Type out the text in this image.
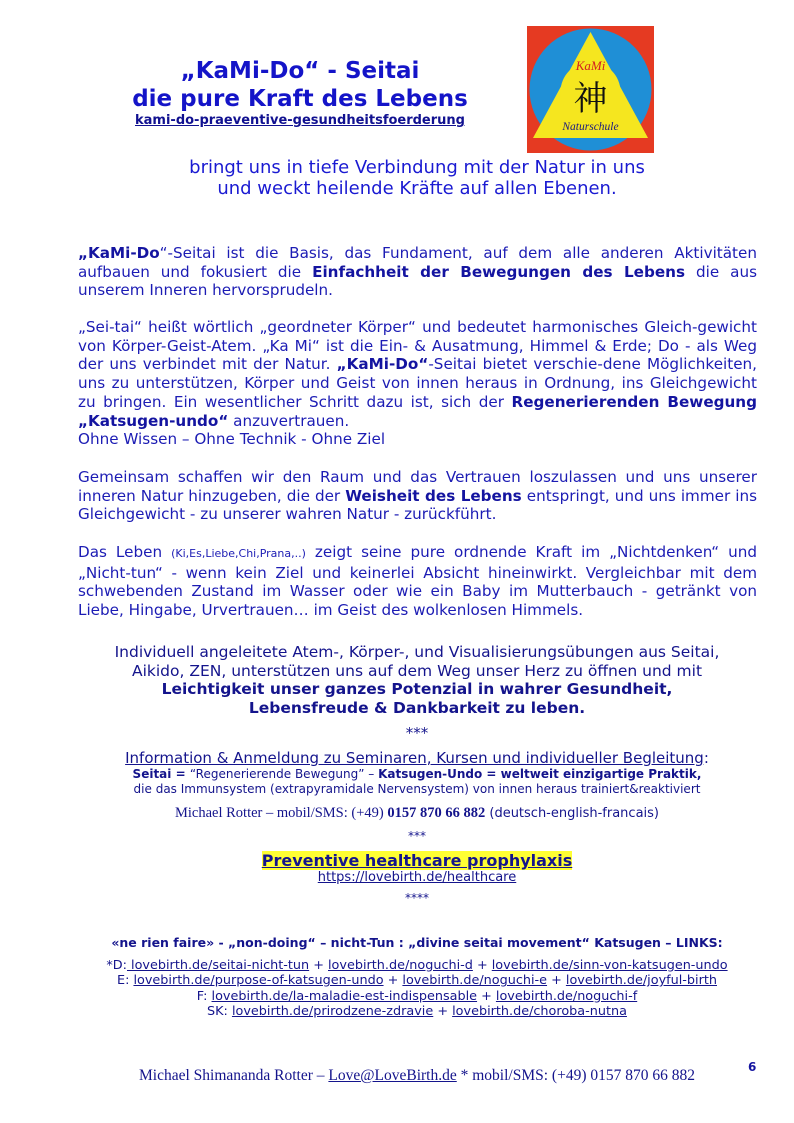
„KaMi-Do“ - Seitai
die pure Kraft des Lebens
kami-do-praeventive-gesundheitsfoerderung
KaMi
神
Naturschule
bringt uns in tiefe Verbindung mit der Natur in uns
und weckt heilende Kräfte auf allen Ebenen.
„KaMi-Do“-Seitai ist die Basis, das Fundament, auf dem alle anderen Aktivitäten aufbauen und fokusiert die Einfachheit der Bewegungen des Lebens die aus unserem Inneren hervorsprudeln.
„Sei-tai“ heißt wörtlich „geordneter Körper“ und bedeutet harmonisches Gleich-gewicht von Körper-Geist-Atem. „Ka Mi“ ist die Ein- & Ausatmung, Himmel & Erde; Do - als Weg der uns verbindet mit der Natur. „KaMi-Do“-Seitai bietet verschie-dene Möglichkeiten, uns zu unterstützen, Körper und Geist von innen heraus in Ordnung, ins Gleichgewicht zu bringen. Ein wesentlicher Schritt dazu ist, sich der Regenerierenden Bewegung „Katsugen-undo“ anzuvertrauen.
Ohne Wissen – Ohne Technik - Ohne Ziel
Gemeinsam schaffen wir den Raum und das Vertrauen loszulassen und uns unserer inneren Natur hinzugeben, die der Weisheit des Lebens entspringt, und uns immer ins Gleichgewicht - zu unserer wahren Natur - zurückführt.
Das Leben (Ki,Es,Liebe,Chi,Prana,..) zeigt seine pure ordnende Kraft im „Nichtdenken“ und „Nicht-tun“ - wenn kein Ziel und keinerlei Absicht hineinwirkt. Vergleichbar mit dem schwebenden Zustand im Wasser oder wie ein Baby im Mutterbauch - getränkt von Liebe, Hingabe, Urvertrauen… im Geist des wolkenlosen Himmels.
Individuell angeleitete Atem-, Körper-, und Visualisierungsübungen aus Seitai,
Aikido, ZEN, unterstützen uns auf dem Weg unser Herz zu öffnen und mit
Leichtigkeit unser ganzes Potenzial in wahrer Gesundheit,
Lebensfreude & Dankbarkeit zu leben.
***
Information & Anmeldung zu Seminaren, Kursen und individueller Begleitung:
Seitai = “Regenerierende Bewegung” – Katsugen-Undo = weltweit einzigartige Praktik,
die das Immunsystem (extrapyramidale Nervensystem) von innen heraus trainiert&reaktiviert
Michael Rotter – mobil/SMS: (+49) 0157 870 66 882 (deutsch-english-francais)
***
Preventive healthcare prophylaxis
https://lovebirth.de/healthcare
****
«ne rien faire» - „non-doing“ – nicht-Tun : „divine seitai movement“ Katsugen – LINKS:
*D: lovebirth.de/seitai-nicht-tun + lovebirth.de/noguchi-d + lovebirth.de/sinn-von-katsugen-undo
E: lovebirth.de/purpose-of-katsugen-undo + lovebirth.de/noguchi-e + lovebirth.de/joyful-birth
F: lovebirth.de/la-maladie-est-indispensable + lovebirth.de/noguchi-f
SK: lovebirth.de/prirodzene-zdravie + lovebirth.de/choroba-nutna
Michael Shimananda Rotter – Love@LoveBirth.de * mobil/SMS: (+49) 0157 870 66 882	6
